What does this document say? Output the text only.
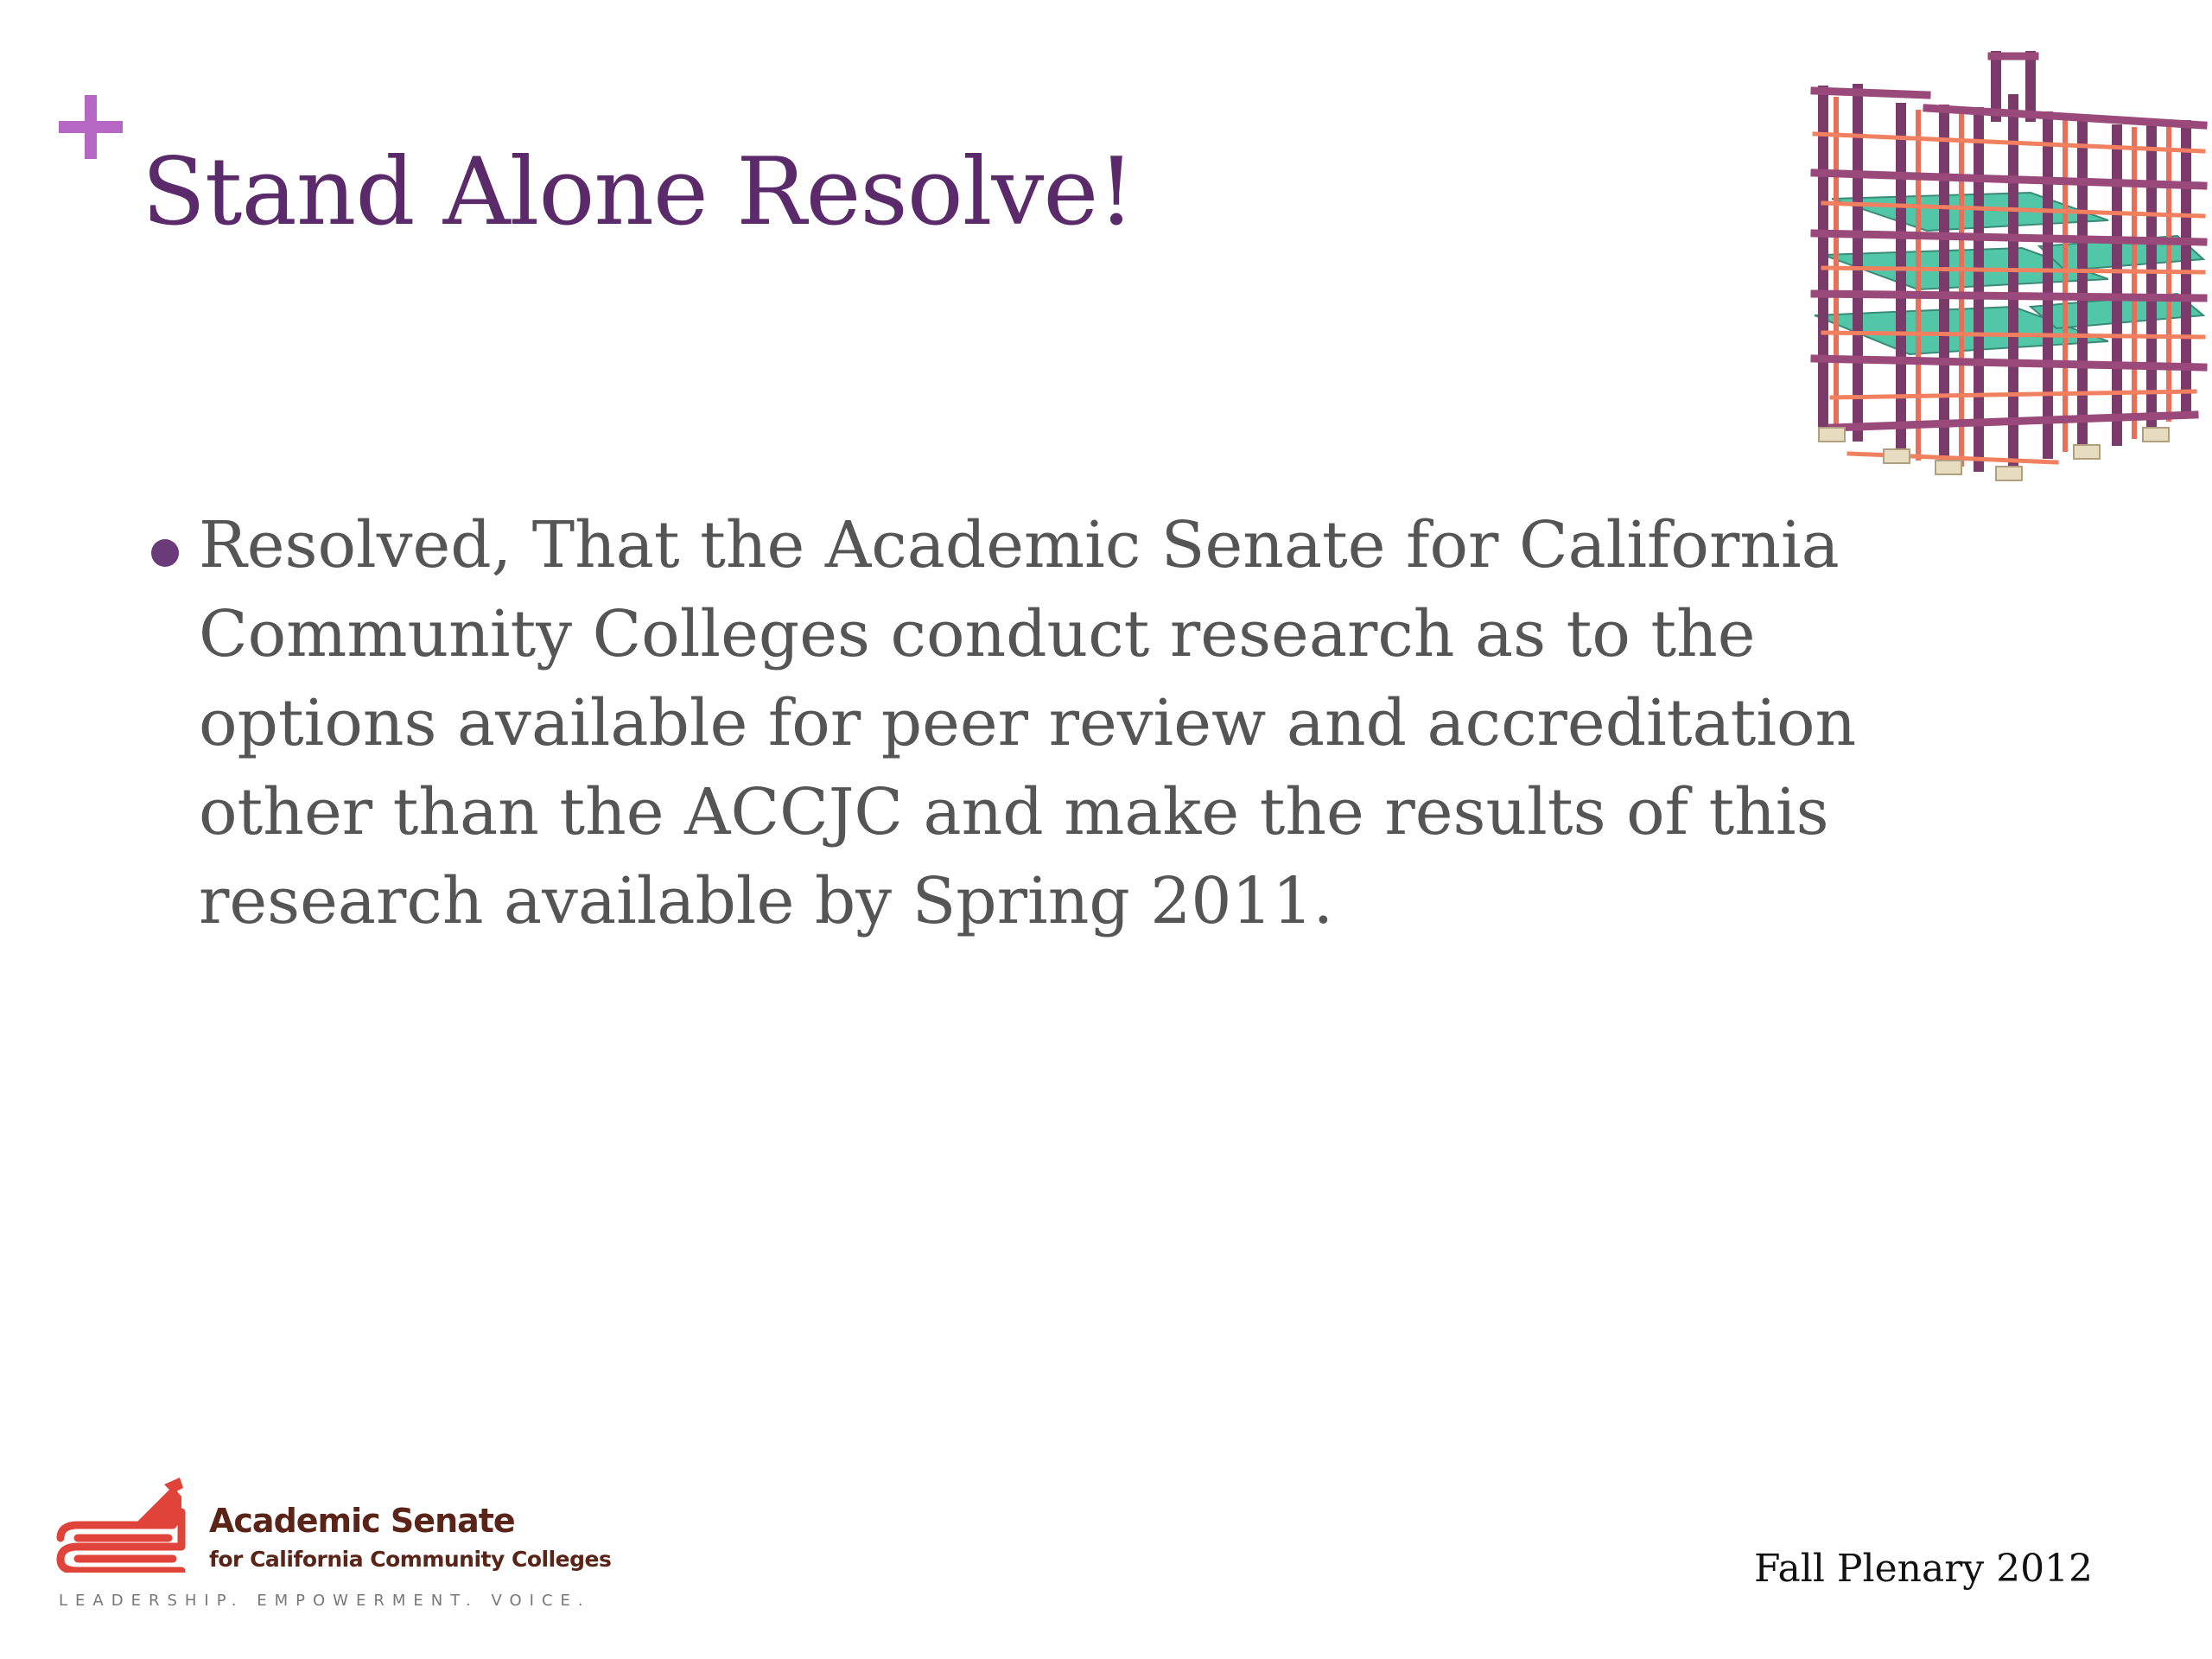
Stand Alone Resolve!
Resolved, That the Academic Senate for California Community Colleges conduct research as to the options available for peer review and accreditation other than the ACCJC and make the results of this research available by Spring 2011.
Academic Senate
for California Community Colleges
LEADERSHIP. EMPOWERMENT. VOICE.
Fall Plenary 2012
